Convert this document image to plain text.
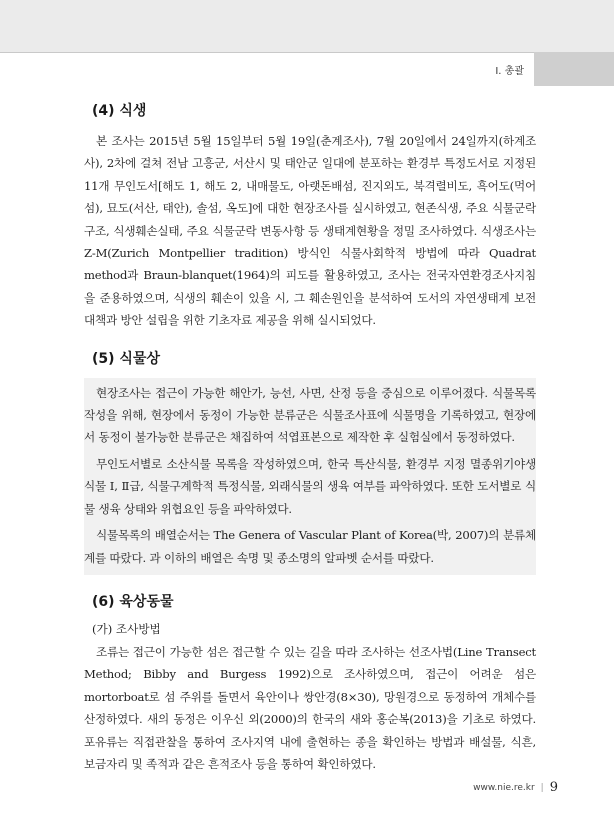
Ⅰ. 총괄
(4) 식생

본 조사는 2015년 5월 15일부터 5월 19일(춘계조사), 7월 20일에서 24일까지(하계조사), 2차에 걸쳐 전남 고흥군, 서산시 및 태안군 일대에 분포하는 환경부 특정도서로 지정된 11개 무인도서[해도 1, 해도 2, 내매물도, 아랫돈배섬, 진지외도, 북격렬비도, 흑어도(먹어섬), 묘도(서산, 태안), 솔섬, 옥도]에 대한 현장조사를 실시하였고, 현존식생, 주요 식물군락구조, 식생훼손실태, 주요 식물군락 변동사항 등 생태계현황을 정밀 조사하였다. 식생조사는 Z-M(Zurich Montpellier tradition) 방식인 식물사회학적 방법에 따라 Quadrat method과 Braun-blanquet(1964)의 피도를 활용하였고, 조사는 전국자연환경조사지침을 준용하였으며, 식생의 훼손이 있을 시, 그 훼손원인을 분석하여 도서의 자연생태계 보전대책과 방안 설립을 위한 기초자료 제공을 위해 실시되었다.

(5) 식물상

현장조사는 접근이 가능한 해안가, 능선, 사면, 산정 등을 중심으로 이루어졌다. 식물목록 작성을 위해, 현장에서 동정이 가능한 분류군은 식물조사표에 식물명을 기록하였고, 현장에서 동정이 불가능한 분류군은 채집하여 석엽표본으로 제작한 후 실험실에서 동정하였다.

무인도서별로 소산식물 목록을 작성하였으며, 한국 특산식물, 환경부 지정 멸종위기야생식물 Ⅰ, Ⅱ급, 식물구계학적 특정식물, 외래식물의 생육 여부를 파악하였다. 또한 도서별로 식물 생육 상태와 위협요인 등을 파악하였다.

식물목록의 배열순서는 The Genera of Vascular Plant of Korea(박, 2007)의 분류체계를 따랐다. 과 이하의 배열은 속명 및 종소명의 알파벳 순서를 따랐다.

(6) 육상동물
(가) 조사방법

조류는 접근이 가능한 섬은 접근할 수 있는 길을 따라 조사하는 선조사법(Line Transect Method; Bibby and Burgess 1992)으로 조사하였으며, 접근이 어려운 섬은 mortorboat로 섬 주위를 돌면서 육안이나 쌍안경(8×30), 망원경으로 동정하여 개체수를 산정하였다. 새의 동정은 이우신 외(2000)의 한국의 새와 홍순복(2013)을 기초로 하였다. 포유류는 직접관찰을 통하여 조사지역 내에 출현하는 종을 확인하는 방법과 배설물, 식흔, 보금자리 및 족적과 같은 흔적조사 등을 통하여 확인하였다.

www.nie.re.kr | 9
